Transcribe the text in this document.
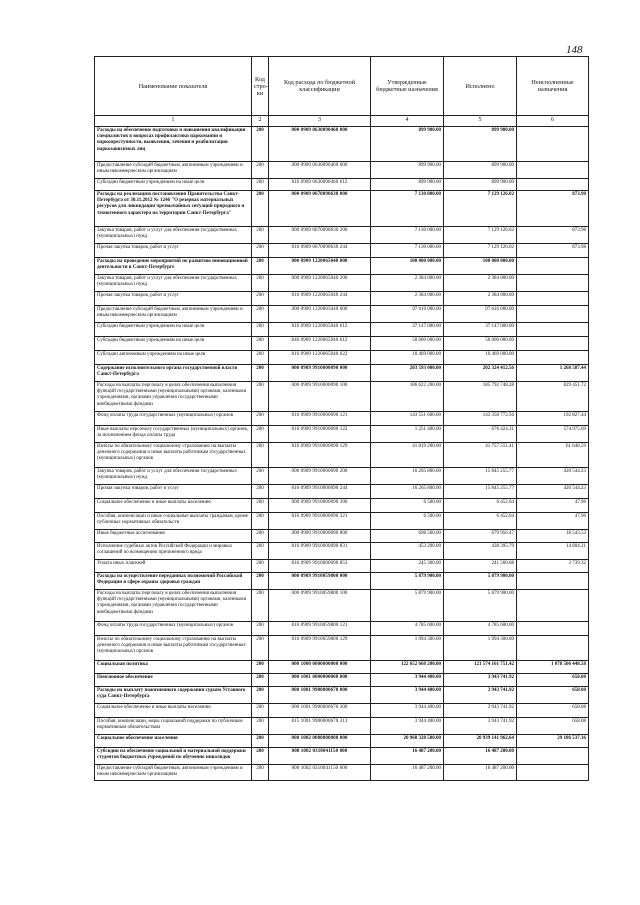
148
Наименование показателя	Код стро- ки	Код расхода по бюджетной классификации	Утвержденные бюджетные назначения	Исполнено	Неисполненные назначения
1	2	3	4	5	6
Расходы на обеспечение подготовки и повышения квалификации специалистов в вопросах профилактики наркомании и наркопреступности, выявления, лечения и реабилитации наркозависимых лиц	200	000 0909 0630090460 000	899 900.00	899 900.00	
Предоставление субсидий бюджетным, автономным учреждениям и иным некоммерческим организациям	200	000 0909 0630090460 600	899 900.00	899 900.00	
Субсидии бюджетным учреждениям на иные цели	200	816 0909 0630090460 612	899 900.00	899 900.00	
Расходы на реализацию постановления Правительства Санкт-Петербурга от 30.11.2012 № 1246 "О резервах материальных ресурсов для ликвидации чрезвычайных ситуаций природного и техногенного характера на территории Санкт-Петербурга"	200	000 0909 0670090630 000	7 130 000.00	7 129 126.02	873.98
Закупка товаров, работ и услуг для обеспечения государственных (муниципальных) нужд	200	000 0909 0670090630 200	7 130 000.00	7 129 126.02	873.98
Прочая закупка товаров, работ и услуг	200	816 0909 0670090630 244	7 130 000.00	7 129 126.02	873.98
Расходы на проведение мероприятий по развитию инновационной деятельности в Санкт-Петербурге	200	000 0909 1220065040 000	100 000 000.00	100 000 000.00	
Закупка товаров, работ и услуг для обеспечения государственных (муниципальных) нужд	200	000 0909 1220065040 200	2 384 000.00	2 384 000.00	
Прочая закупка товаров, работ и услуг	200	816 0909 1220065040 244	2 384 000.00	2 384 000.00	
Предоставление субсидий бюджетным, автономным учреждениям и иным некоммерческим организациям	200	000 0909 1220065040 600	97 616 000.00	97 616 000.00	
Субсидии бюджетным учреждениям на иные цели	200	816 0909 1220065040 612	37 147 000.00	37 147 000.00	
Субсидии бюджетным учреждениям на иные цели	200	846 0909 1220065040 612	50 000 000.00	50 000 000.00	
Субсидии автономным учреждениям на иные цели	200	816 0909 1220065040 622	10 469 000.00	10 469 000.00	
Содержание исполнительного органа государственной власти Санкт-Петербурга	200	000 0909 9910000090 000	203 593 000.00	202 324 412.56	1 268 587.44
Расходы на выплаты персоналу в целях обеспечения выполнения функций государственными (муниципальными) органами, казенными учреждениями, органами управления государственными внебюджетными фондами	200	000 0909 9910000090 100	186 622 200.00	185 792 748.28	829 451.72
Фонд оплаты труда государственных (муниципальных) органов	200	816 0909 9910000090 121	143 551 600.00	143 358 772.56	192 827.44
Иные выплаты персоналу государственных (муниципальных) органов, за исключением фонда оплаты труда	200	816 0909 9910000090 122	1 251 400.00	676 424.31	574 975.69
Взносы по обязательному социальному страхованию на выплаты денежного содержания и иные выплаты работникам государственных (муниципальных) органов	200	816 0909 9910000090 129	41 819 200.00	41 757 551.41	61 648.59
Закупка товаров, работ и услуг для обеспечения государственных (муниципальных) нужд	200	000 0909 9910000090 200	16 265 800.00	15 845 255.77	420 544.23
Прочая закупка товаров, работ и услуг	200	816 0909 9910000090 244	16 265 800.00	15 845 255.77	420 544.23
Социальное обеспечение и иные выплаты населению	200	000 0909 9910000090 300	6 500.00	6 452.04	47.96
Пособия, компенсации и иные социальные выплаты гражданам, кроме публичных нормативных обязательств	200	816 0909 9910000090 321	6 500.00	6 452.04	47.96
Иные бюджетные ассигнования	200	000 0909 9910000090 800	698 500.00	679 956.47	18 543.53
Исполнение судебных актов Российской Федерации и мировых соглашений по возмещению причиненного вреда	200	816 0909 9910000090 831	453 200.00	438 395.79	14 804.21
Уплата иных платежей	200	816 0909 9910000090 853	245 300.00	241 560.68	3 739.32
Расходы на осуществление переданных полномочий Российской Федерации в сфере охраны здоровья граждан	200	000 0909 9910059800 000	5 879 900.00	5 879 900.00	
Расходы на выплаты персоналу в целях обеспечения выполнения функций государственными (муниципальными) органами, казенными учреждениями, органами управления государственными внебюджетными фондами	200	000 0909 9910059800 100	5 879 900.00	5 879 900.00	
Фонд оплаты труда государственных (муниципальных) органов	200	816 0909 9910059800 121	4 785 600.00	4 785 600.00	
Взносы по обязательному социальному страхованию на выплаты денежного содержания и иные выплаты работникам государственных (муниципальных) органов	200	816 0909 9910059800 129	1 094 300.00	1 094 300.00	
Социальная политика	200	000 1000 0000000000 000	122 652 668 200.00	121 574 161 751.42	1 078 506 448.58
Пенсионное обеспечение	200	000 1001 0000000000 000	3 944 400.00	3 943 741.92	658.08
Расходы на выплату пожизненного содержания судьям Уставного суда Санкт-Петербурга	200	000 1001 9900000670 000	3 944 400.00	3 943 741.92	658.08
Социальное обеспечение и иные выплаты населению	200	000 1001 9900000670 300	3 944 400.00	3 943 741.92	658.08
Пособия, компенсации, меры социальной поддержки по публичным нормативным обязательствам	200	815 1001 9900000670 313	3 944 400.00	3 943 741.92	658.08
Социальное обеспечение населения	200	000 1002 0000000000 000	20 968 328 500.00	20 939 141 962.64	29 186 537.36
Субсидии на обеспечение социальной и материальной поддержки студентов бюджетных учреждений по обучению инвалидов	200	000 1002 0310041150 000	16 487 200.00	16 487 200.00	
Предоставление субсидий бюджетным, автономным учреждениям и иным некоммерческим организациям	200	000 1002 0310041150 600	16 487 200.00	16 487 200.00	
